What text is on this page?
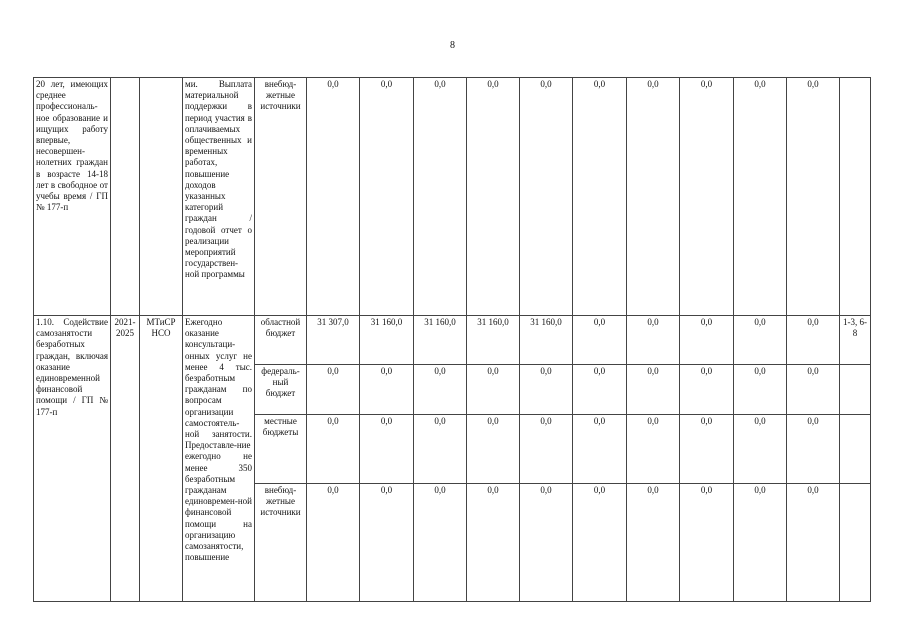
8
20 лет, имеющих среднее профессиональ-ное образование и ищущих работу впервые, несовершен-нолетних граждан в возрасте 14-18 лет в свободное от учебы время / ГП № 177-п			ми. Выплата материальной поддержки в период участия в оплачиваемых общественных и временных работах, повышение доходов указанных категорий граждан / годовой отчет о реализации мероприятий государствен-ной программы	внебюд-жетные источники	0,0	0,0	0,0	0,0	0,0	0,0	0,0	0,0	0,0	0,0	
1.10. Содействие самозанятости безработных граждан, включая оказание единовременной финансовой помощи / ГП № 177-п	2021-2025	МТиСР НСО	Ежегодно оказание консультаци-онных услуг не менее 4 тыс. безработным гражданам по вопросам организации самостоятель-ной занятости. Предоставле-ние ежегодно не менее 350 безработным гражданам единовремен-ной финансовой помощи на организацию самозанятости, повышение	областной бюджет	31 307,0	31 160,0	31 160,0	31 160,0	31 160,0	0,0	0,0	0,0	0,0	0,0	1-3, 6-8
				федераль-ный бюджет	0,0	0,0	0,0	0,0	0,0	0,0	0,0	0,0	0,0	0,0	
				местные бюджеты	0,0	0,0	0,0	0,0	0,0	0,0	0,0	0,0	0,0	0,0	
				внебюд-жетные источники	0,0	0,0	0,0	0,0	0,0	0,0	0,0	0,0	0,0	0,0	
